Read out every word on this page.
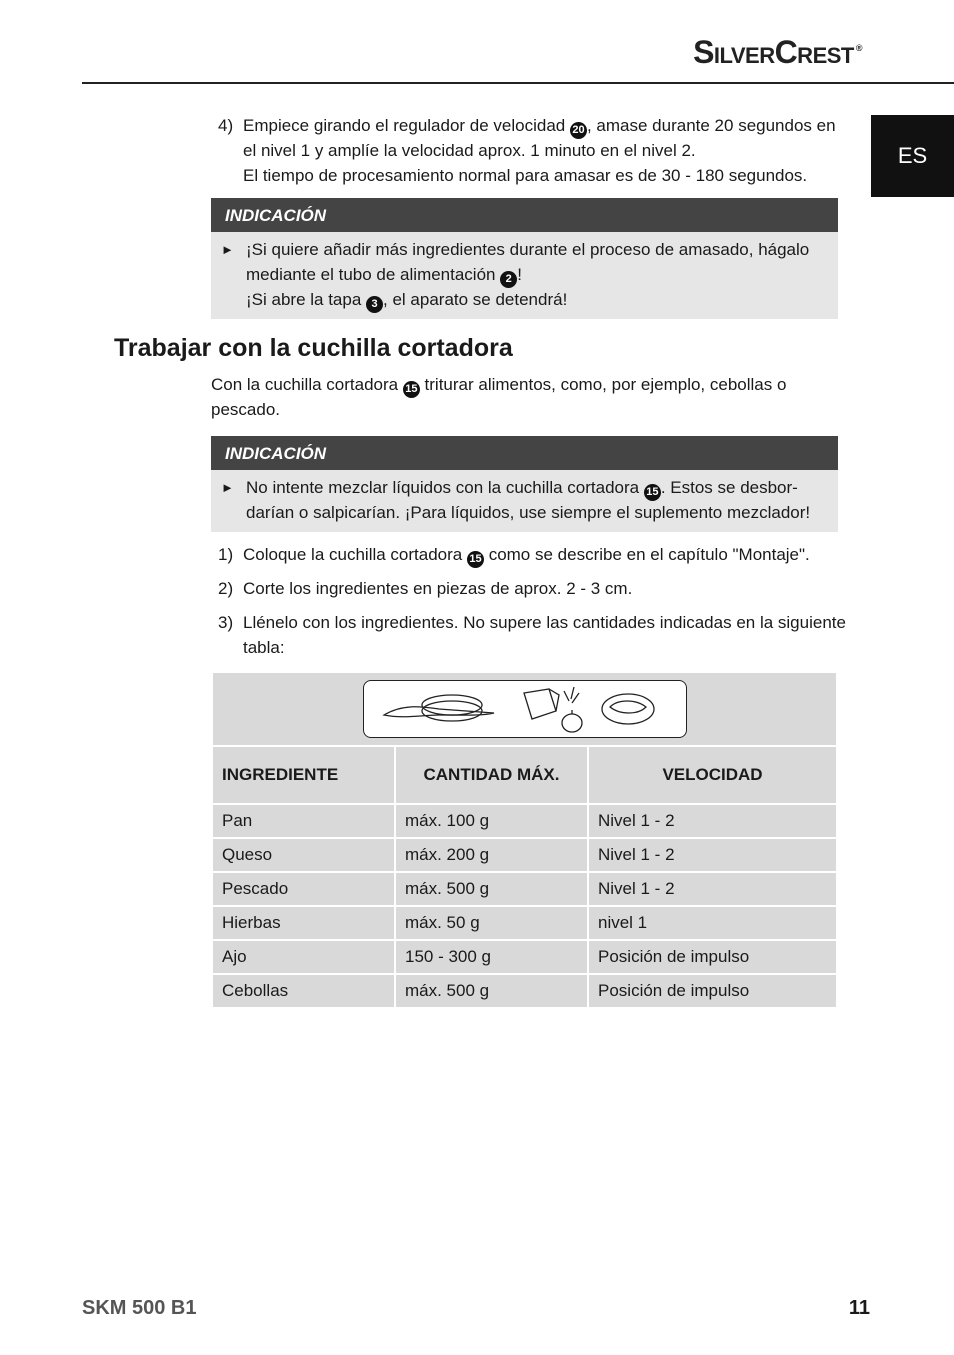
SilverCrest ®
ES
4) Empiece girando el regulador de velocidad 20 , amase durante 20 segundos en el nivel 1 y amplíe la velocidad aprox. 1 minuto en el nivel 2.
El tiempo de procesamiento normal para amasar es de 30 - 180 segundos.
INDICACIÓN
► ¡Si quiere añadir más ingredientes durante el proceso de amasado, hágalo mediante el tubo de alimentación 2 !
¡Si abre la tapa 3 , el aparato se detendrá!
Trabajar con la cuchilla cortadora
Con la cuchilla cortadora 15 triturar alimentos, como, por ejemplo, cebollas o pescado.
INDICACIÓN
► No intente mezclar líquidos con la cuchilla cortadora 15 . Estos se desbordarían o salpicarían. ¡Para líquidos, use siempre el suplemento mezclador!
1) Coloque la cuchilla cortadora 15 como se describe en el capítulo "Montaje".
2) Corte los ingredientes en piezas de aprox. 2 - 3 cm.
3) Llénelo con los ingredientes. No supere las cantidades indicadas en la siguiente tabla:

INGREDIENTE	CANTIDAD MÁX.	VELOCIDAD
Pan	máx. 100 g	Nivel 1 - 2
Queso	máx. 200 g	Nivel 1 - 2
Pescado	máx. 500 g	Nivel 1 - 2
Hierbas	máx. 50 g	nivel 1
Ajo	150 - 300 g	Posición de impulso
Cebollas	máx. 500 g	Posición de impulso
SKM 500 B1	11
